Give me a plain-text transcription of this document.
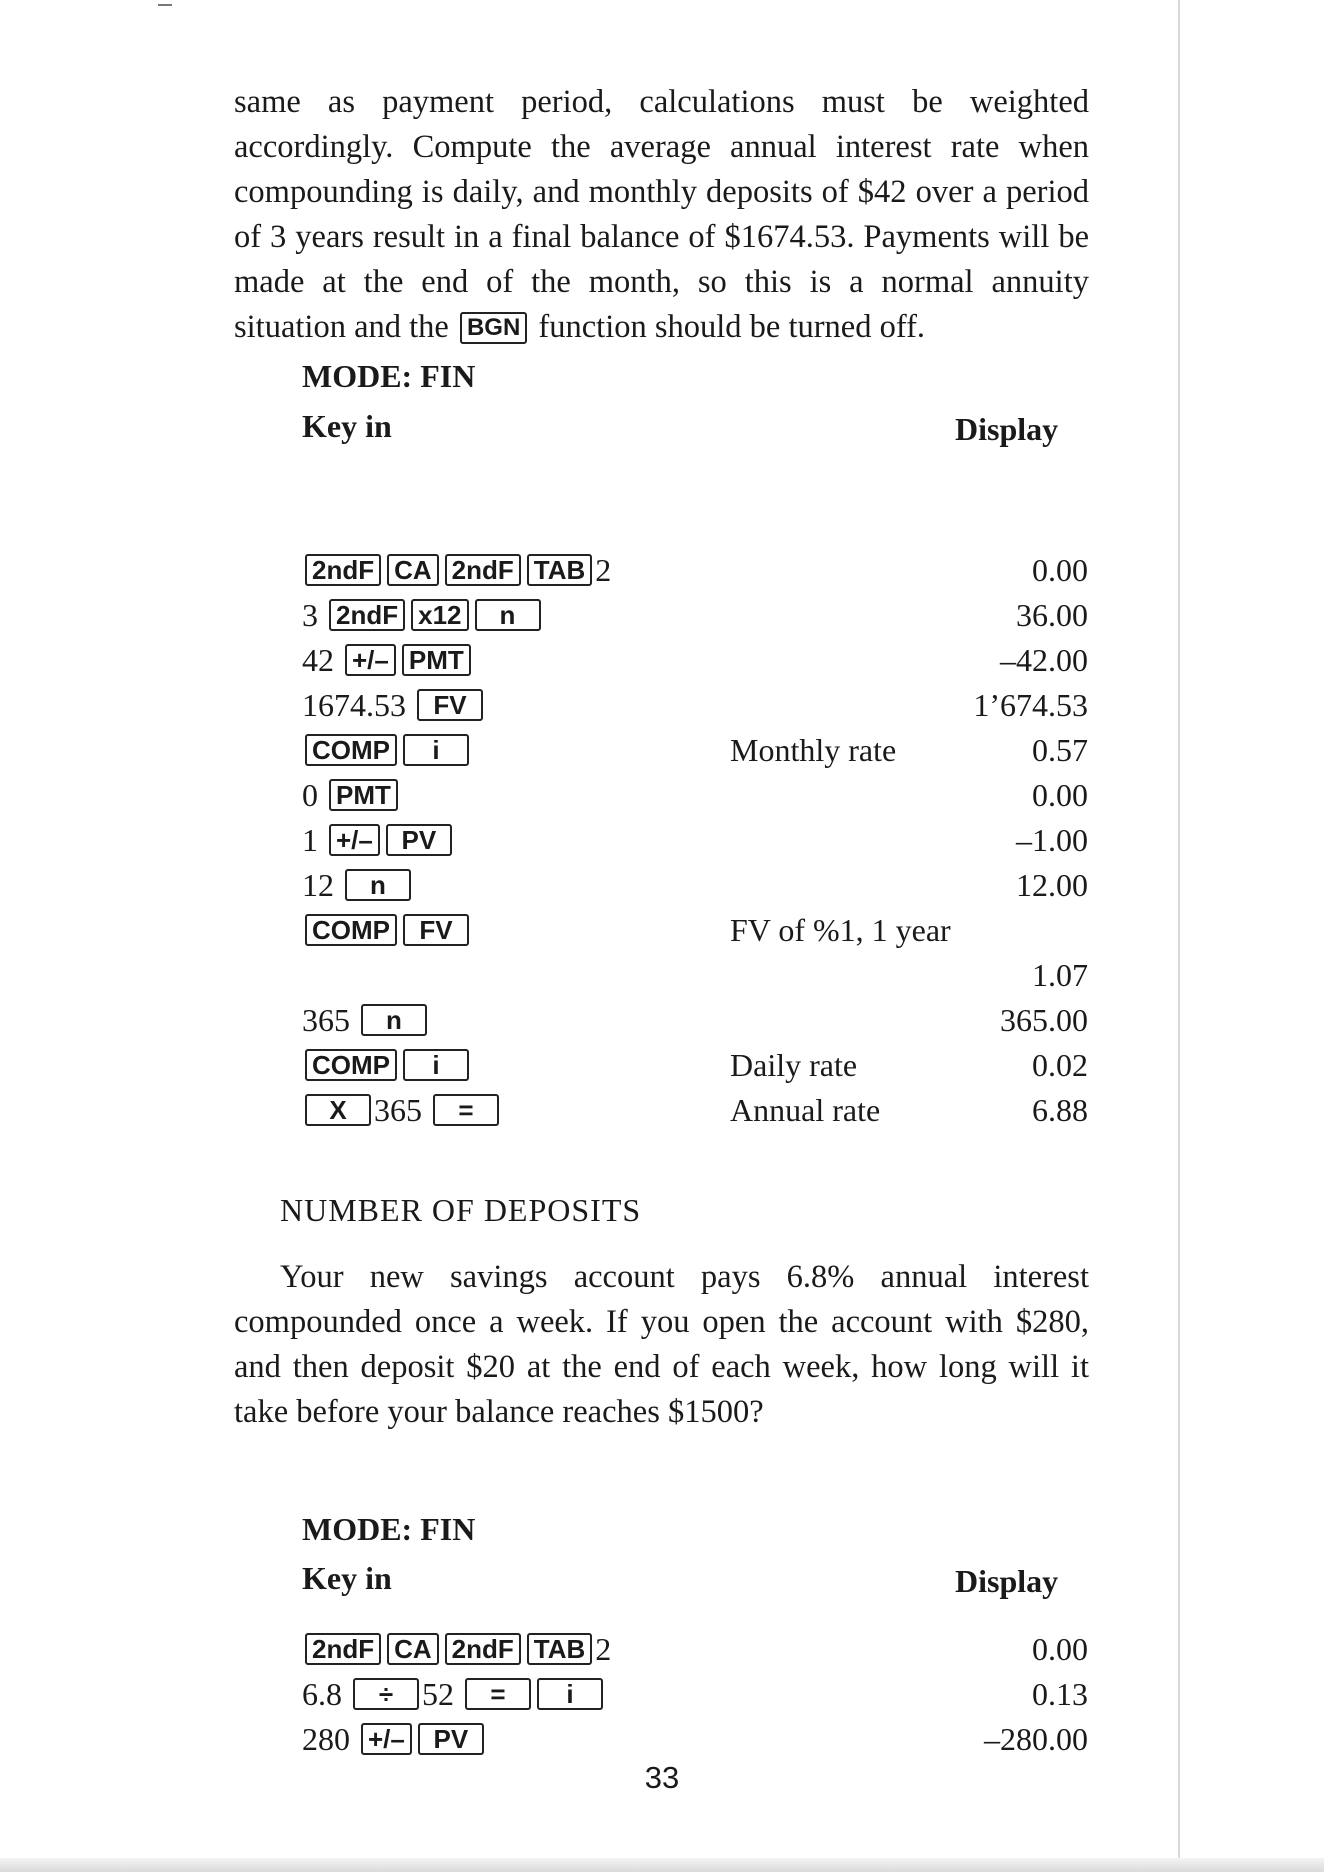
same as payment period, calculations must be weighted accordingly. Compute the average annual interest rate when compounding is daily, and monthly deposits of $42 over a period of 3 years result in a final balance of $1674.53. Payments will be made at the end of the month, so this is a normal annuity situation and the BGN function should be turned off.

MODE: FIN
Key in	Display
2ndF CA 2ndF TAB 2	0.00
3 2ndF x12 n	36.00
42 +/– PMT	–42.00
1674.53 FV	1’674.53
COMP i	Monthly rate	0.57
0 PMT	0.00
1 +/– PV	–1.00
12 n	12.00
COMP FV	FV of %1, 1 year
1.07
365 n	365.00
COMP i	Daily rate	0.02
X 365 =	Annual rate	6.88
NUMBER OF DEPOSITS

Your new savings account pays 6.8% annual interest compounded once a week. If you open the account with $280, and then deposit $20 at the end of each week, how long will it take before your balance reaches $1500?

MODE: FIN
Key in	Display
2ndF CA 2ndF TAB 2	0.00
6.8 ÷ 52 = i	0.13
280 +/– PV	–280.00
33
